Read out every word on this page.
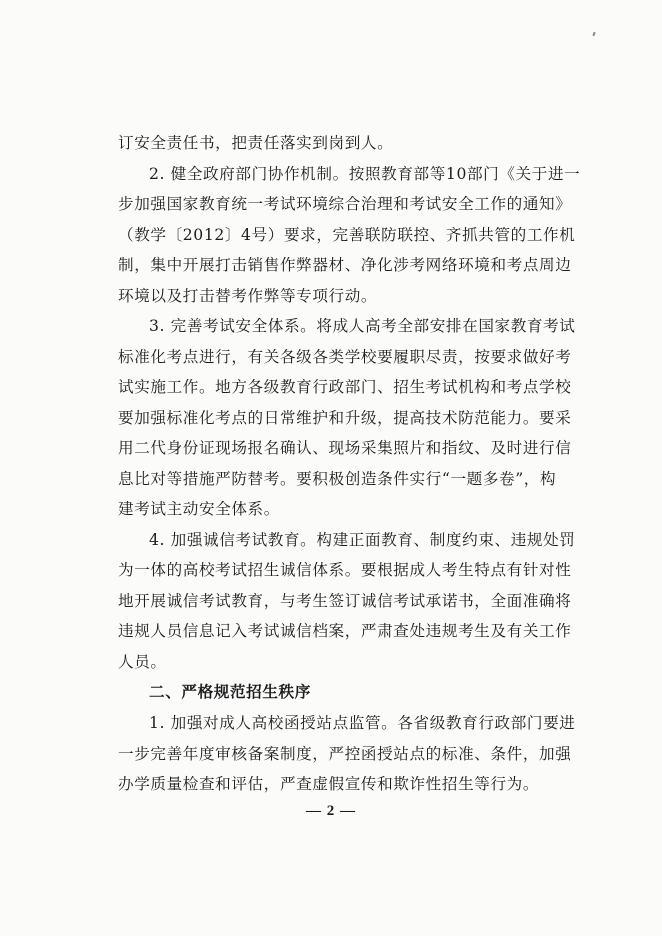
订安全责任书，把责任落实到岗到人。
2. 健全政府部门协作机制。按照教育部等10部门《关于进一
步加强国家教育统一考试环境综合治理和考试安全工作的通知》
（教学〔2012〕4号）要求，完善联防联控、齐抓共管的工作机
制，集中开展打击销售作弊器材、净化涉考网络环境和考点周边
环境以及打击替考作弊等专项行动。
3. 完善考试安全体系。将成人高考全部安排在国家教育考试
标准化考点进行，有关各级各类学校要履职尽责，按要求做好考
试实施工作。地方各级教育行政部门、招生考试机构和考点学校
要加强标准化考点的日常维护和升级，提高技术防范能力。要采
用二代身份证现场报名确认、现场采集照片和指纹、及时进行信
息比对等措施严防替考。要积极创造条件实行“一题多卷”，构
建考试主动安全体系。
4. 加强诚信考试教育。构建正面教育、制度约束、违规处罚
为一体的高校考试招生诚信体系。要根据成人考生特点有针对性
地开展诚信考试教育，与考生签订诚信考试承诺书，全面准确将
违规人员信息记入考试诚信档案，严肃查处违规考生及有关工作
人员。
二、严格规范招生秩序
1. 加强对成人高校函授站点监管。各省级教育行政部门要进
一步完善年度审核备案制度，严控函授站点的标准、条件，加强
办学质量检查和评估，严查虚假宣传和欺诈性招生等行为。
— 2 —
